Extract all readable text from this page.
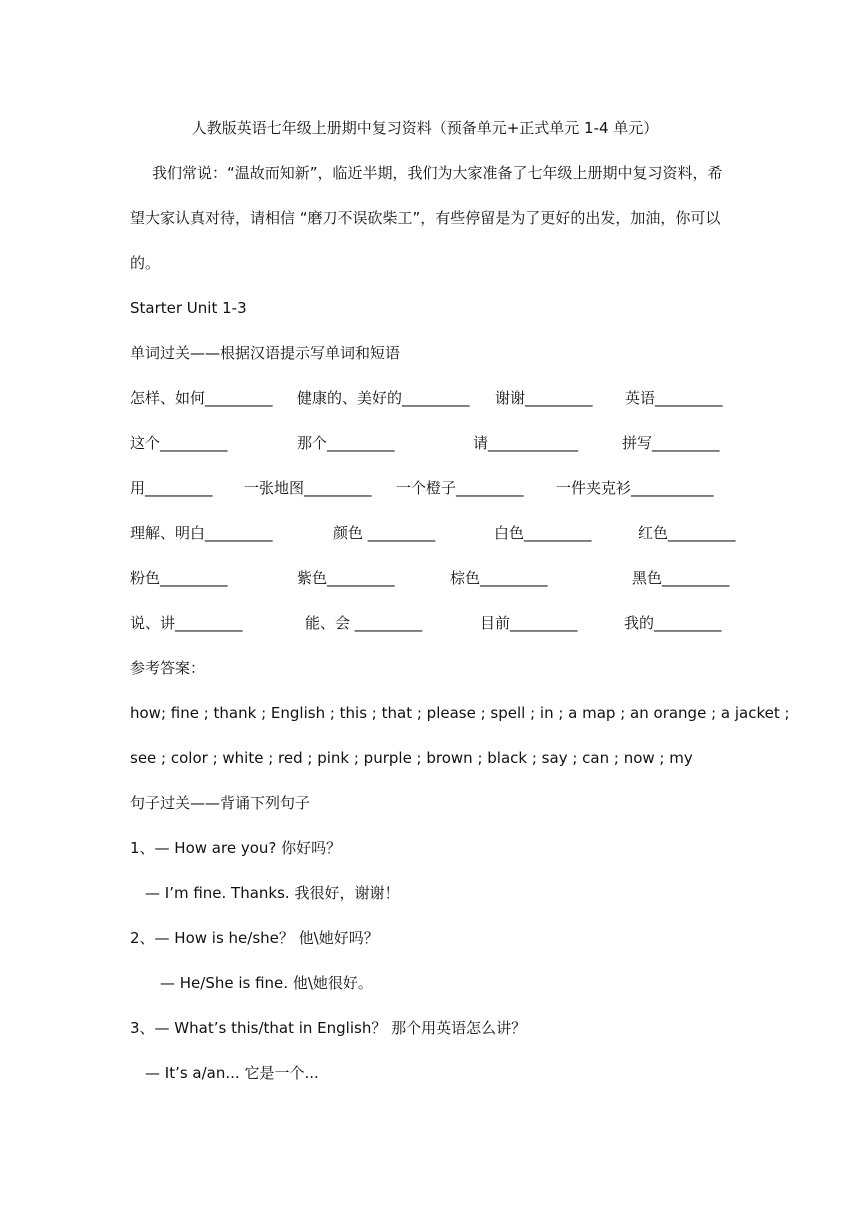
人教版英语七年级上册期中复习资料（预备单元+正式单元 1-4 单元）
我们常说：“温故而知新”，临近半期，我们为大家准备了七年级上册期中复习资料，希
望大家认真对待，请相信 “磨刀不误砍柴工”，有些停留是为了更好的出发，加油，你可以
的。
Starter Unit 1-3
单词过关——根据汉语提示写单词和短语
怎样、如何_________ 健康的、美好的_________ 谢谢_________ 英语_________
这个_________	那个_________	请____________	拼写_________
用_________ 一张地图_________ 一个橙子_________ 一件夹克衫___________
理解、明白_________	颜色 _________	白色_________	红色_________
粉色_________	紫色_________	棕色_________	黑色_________
说、讲_________	能、会 _________	目前_________	我的_________
参考答案：
how; fine ; thank ; English ; this ; that ; please ; spell ; in ; a map ; an orange ; a jacket ;
see ; color ; white ; red ; pink ; purple ; brown ; black ; say ; can ; now ; my
句子过关——背诵下列句子
1、— How are you? 你好吗？
— I’m fine. Thanks. 我很好，谢谢！
2、— How is he/she？ 他\她好吗？
— He/She is fine. 他\她很好。
3、— What’s this/that in English？ 那个用英语怎么讲？
— It’s a/an... 它是一个...
